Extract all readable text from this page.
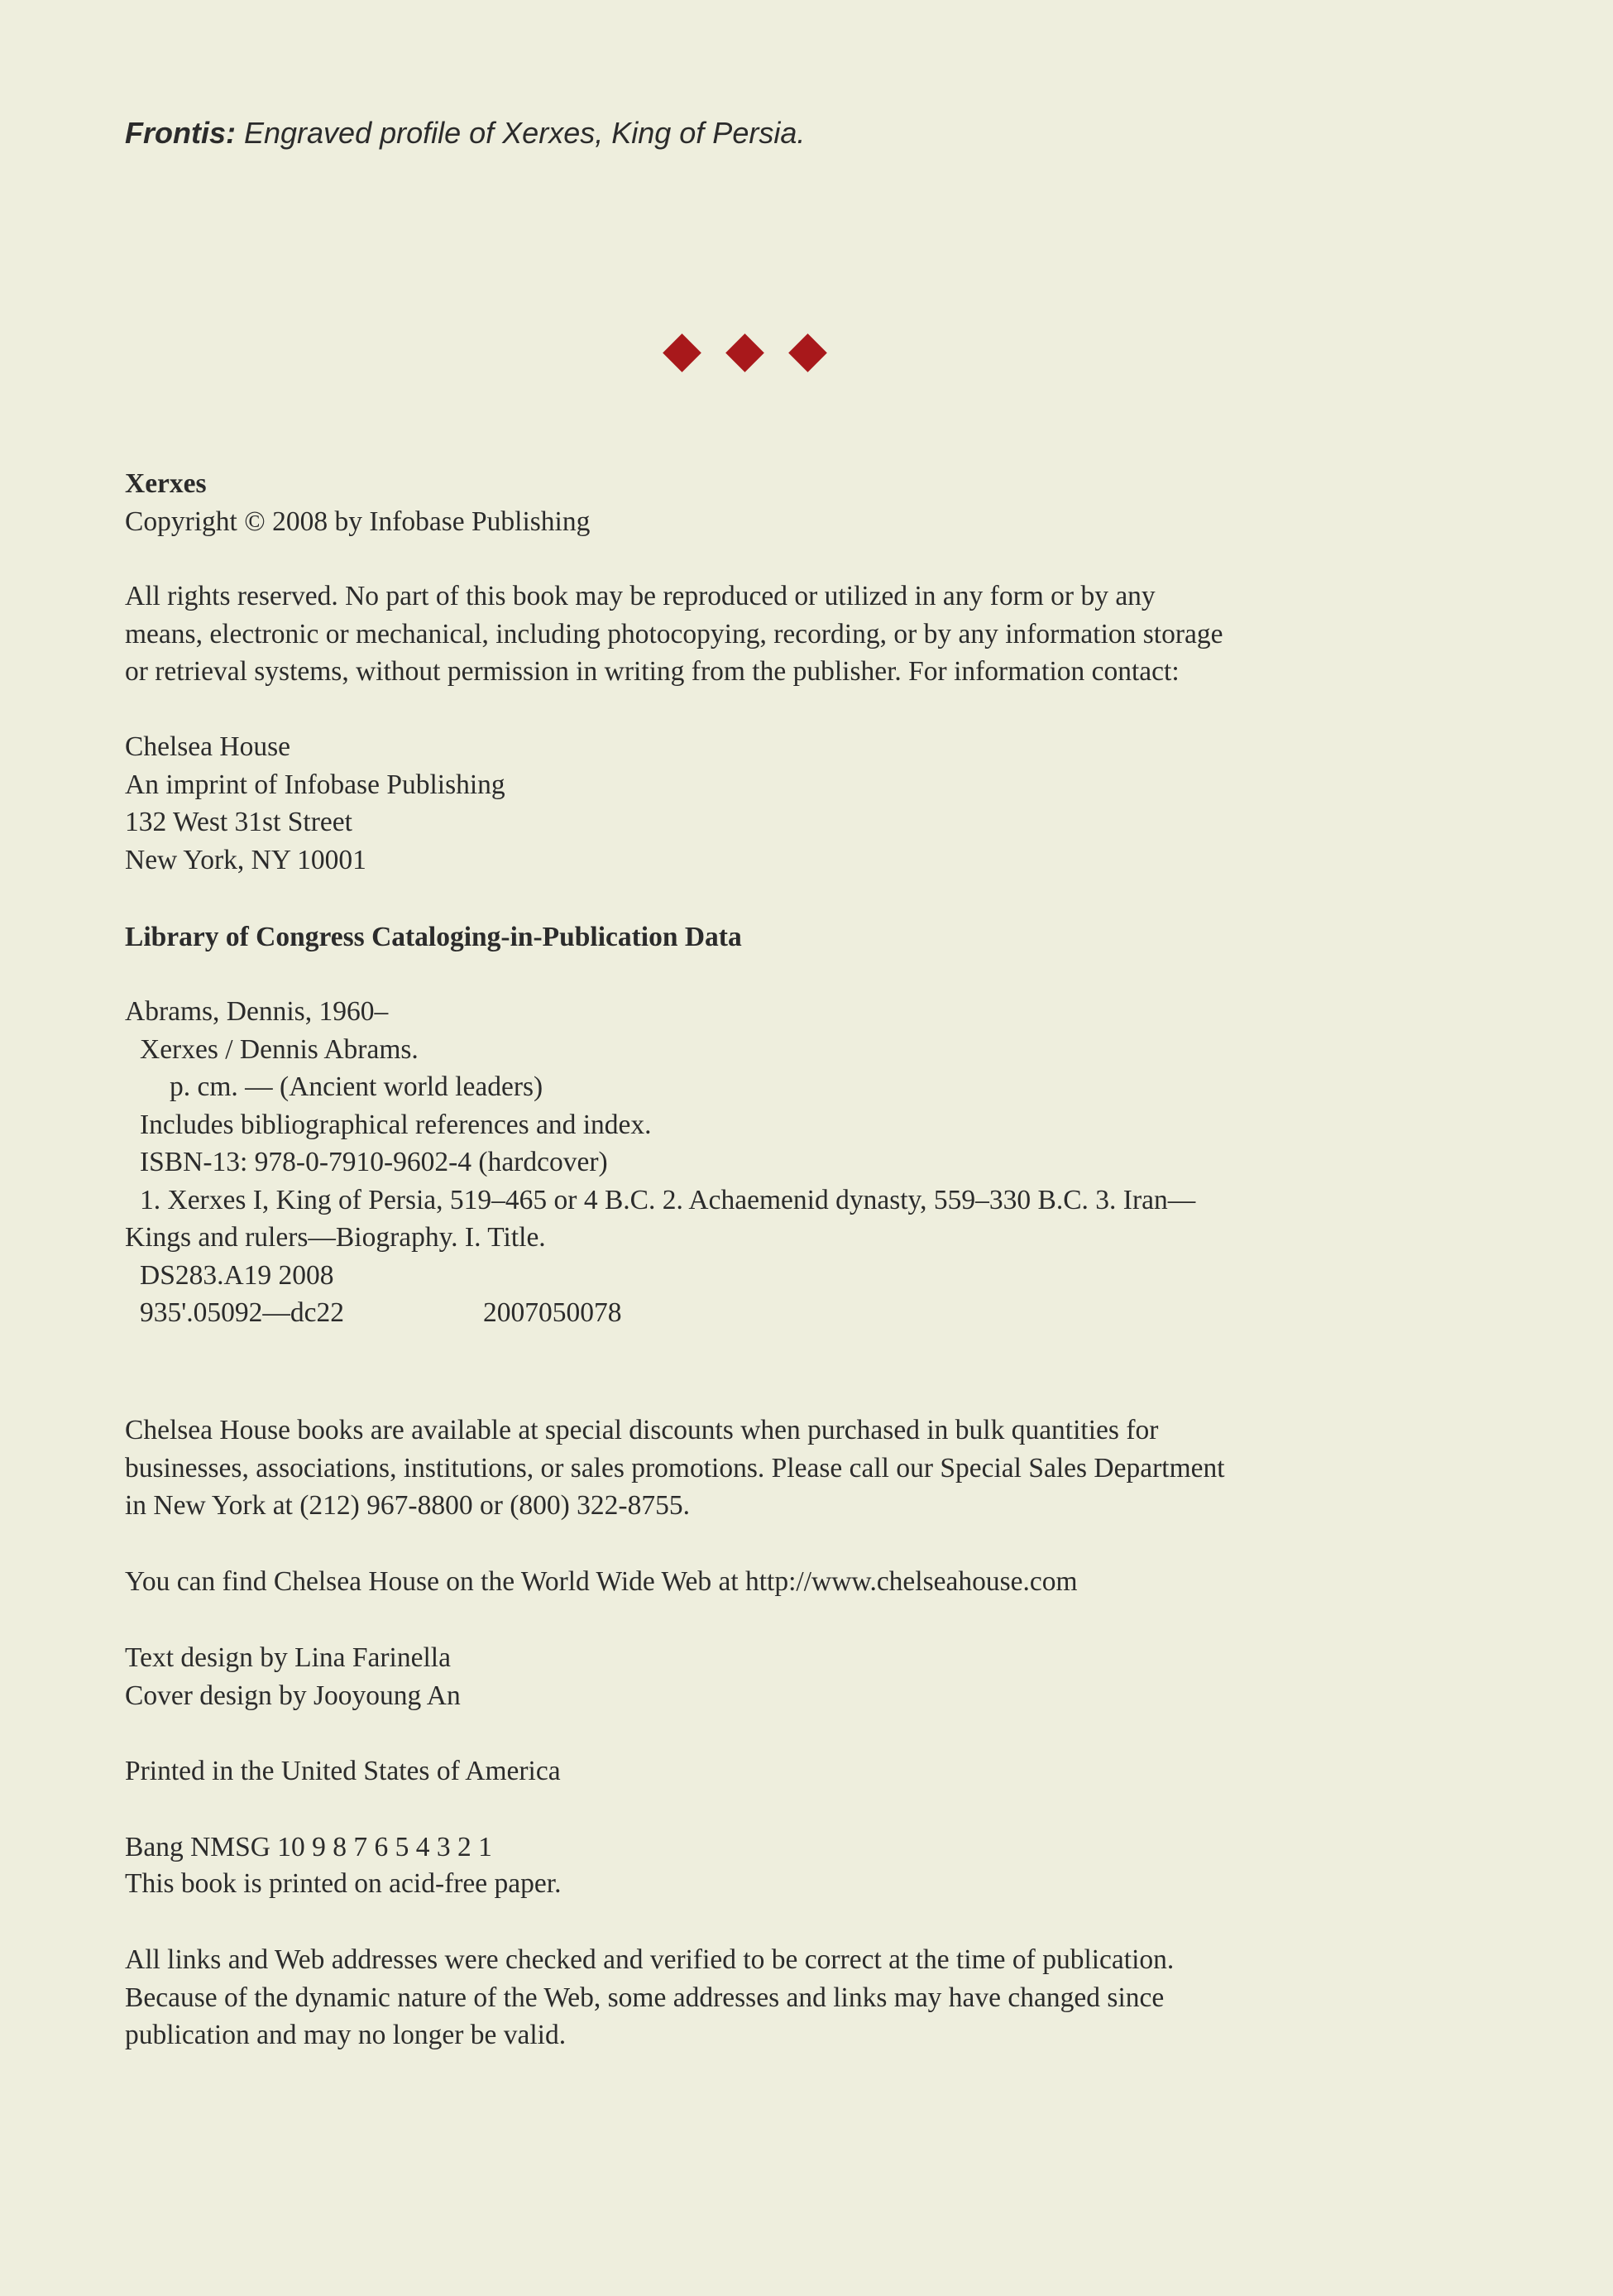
Frontis: Engraved profile of Xerxes, King of Persia.
Xerxes
Copyright © 2008 by Infobase Publishing
All rights reserved. No part of this book may be reproduced or utilized in any form or by any
means, electronic or mechanical, including photocopying, recording, or by any information storage
or retrieval systems, without permission in writing from the publisher. For information contact:
Chelsea House
An imprint of Infobase Publishing
132 West 31st Street
New York, NY 10001
Library of Congress Cataloging-in-Publication Data
Abrams, Dennis, 1960–
Xerxes / Dennis Abrams.
p. cm. — (Ancient world leaders)
Includes bibliographical references and index.
ISBN-13: 978-0-7910-9602-4 (hardcover)
1. Xerxes I, King of Persia, 519–465 or 4 B.C. 2. Achaemenid dynasty, 559–330 B.C. 3. Iran—
Kings and rulers—Biography. I. Title.
DS283.A19 2008
935'.05092—dc22	2007050078
Chelsea House books are available at special discounts when purchased in bulk quantities for
businesses, associations, institutions, or sales promotions. Please call our Special Sales Department
in New York at (212) 967-8800 or (800) 322-8755.
You can find Chelsea House on the World Wide Web at http://www.chelseahouse.com
Text design by Lina Farinella
Cover design by Jooyoung An
Printed in the United States of America
Bang NMSG 10 9 8 7 6 5 4 3 2 1
This book is printed on acid-free paper.
All links and Web addresses were checked and verified to be correct at the time of publication.
Because of the dynamic nature of the Web, some addresses and links may have changed since
publication and may no longer be valid.
